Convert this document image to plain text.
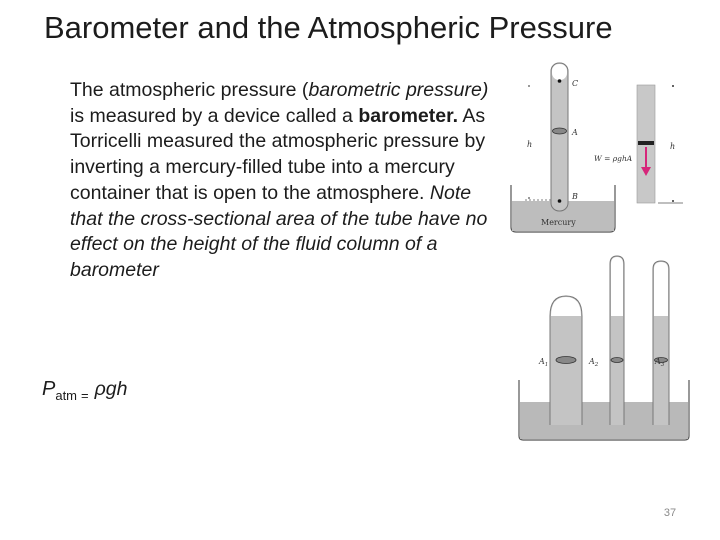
Barometer and the Atmospheric Pressure
The atmospheric pressure (barometric pressure) is measured by a device called a barometer. As Torricelli measured the atmospheric pressure by inverting a mercury-filled tube into a mercury container that is open to the atmosphere. Note that the cross-sectional area of the tube have no effect on the height of the fluid column of a barometer
$P_{atm}$ $_=$ ρgh
h
C
A
B
Mercury
h
W = ρghA
$A_1$	$A_2$	$A_3$
37
